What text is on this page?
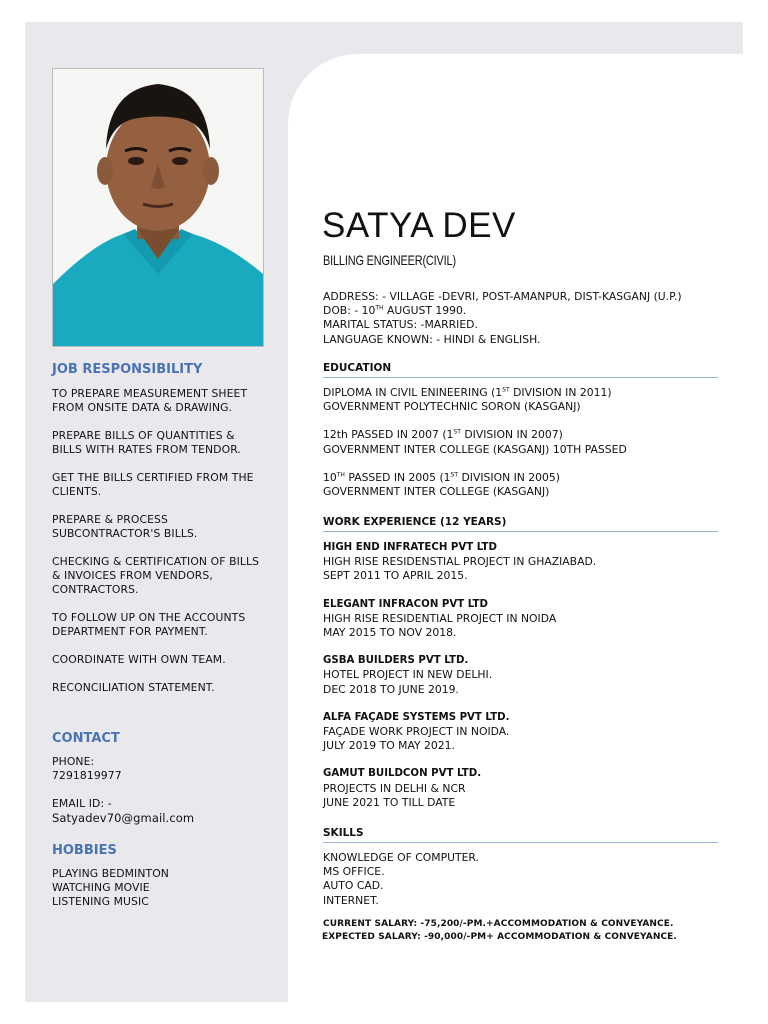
JOB RESPONSIBILITY

TO PREPARE MEASUREMENT SHEET FROM ONSITE DATA & DRAWING.

PREPARE BILLS OF QUANTITIES & BILLS WITH RATES FROM TENDOR.

GET THE BILLS CERTIFIED FROM THE CLIENTS.

PREPARE & PROCESS SUBCONTRACTOR'S BILLS.

CHECKING & CERTIFICATION OF BILLS & INVOICES FROM VENDORS, CONTRACTORS.

TO FOLLOW UP ON THE ACCOUNTS DEPARTMENT FOR PAYMENT.

COORDINATE WITH OWN TEAM.

RECONCILIATION STATEMENT.

CONTACT
PHONE:
7291819977
EMAIL ID: -
Satyadev70@gmail.com
HOBBIES
PLAYING BEDMINTON
WATCHING MOVIE
LISTENING MUSIC
SATYA DEV
BILLING ENGINEER(CIVIL)
ADDRESS: - VILLAGE -DEVRI, POST-AMANPUR, DIST-KASGANJ (U.P.)
DOB: - 10TH AUGUST 1990.
MARITAL STATUS: -MARRIED.
LANGUAGE KNOWN: - HINDI & ENGLISH.
EDUCATION
DIPLOMA IN CIVIL ENINEERING (1ST DIVISION IN 2011)
GOVERNMENT POLYTECHNIC SORON (KASGANJ)
12th PASSED IN 2007 (1ST DIVISION IN 2007)
GOVERNMENT INTER COLLEGE (KASGANJ) 10TH PASSED
10TH PASSED IN 2005 (1ST DIVISION IN 2005)
GOVERNMENT INTER COLLEGE (KASGANJ)
WORK EXPERIENCE (12 YEARS)
HIGH END INFRATECH PVT LTD
HIGH RISE RESIDENSTIAL PROJECT IN GHAZIABAD.
SEPT 2011 TO APRIL 2015.
ELEGANT INFRACON PVT LTD
HIGH RISE RESIDENTIAL PROJECT IN NOIDA
MAY 2015 TO NOV 2018.
GSBA BUILDERS PVT LTD.
HOTEL PROJECT IN NEW DELHI.
DEC 2018 TO JUNE 2019.
ALFA FAÇADE SYSTEMS PVT LTD.
FAÇADE WORK PROJECT IN NOIDA.
JULY 2019 TO MAY 2021.
GAMUT BUILDCON PVT LTD.
PROJECTS IN DELHI & NCR
JUNE 2021 TO TILL DATE
SKILLS
KNOWLEDGE OF COMPUTER.
MS OFFICE.
AUTO CAD.
INTERNET.
CURRENT SALARY: -75,200/-PM.+ACCOMMODATION & CONVEYANCE.
EXPECTED SALARY: -90,000/-PM+ ACCOMMODATION & CONVEYANCE.
